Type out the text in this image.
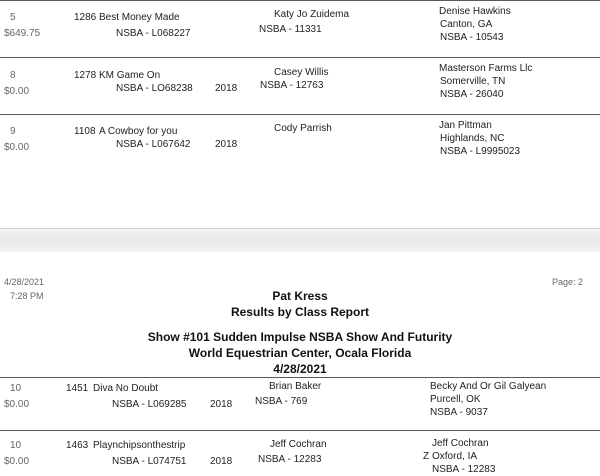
5
$649.75
1286 Best Money Made
NSBA - L068227
Katy Jo Zuidema
NSBA - 11331
Denise Hawkins
Canton, GA
NSBA - 10543
8
$0.00
1278 KM Game On
NSBA - LO68238 2018
Casey Willis
NSBA - 12763
Masterson Farms Llc
Somerville, TN
NSBA - 26040
9
$0.00
1108 A Cowboy for you
NSBA - L067642 2018
Cody Parrish	Jan Pittman
Highlands, NC
NSBA - L9995023
4/28/2021
7:28 PM
Page: 2
Pat Kress
Results by Class Report
Show #101 Sudden Impulse NSBA Show And Futurity
World Equestrian Center, Ocala Florida
4/28/2021
10
$0.00
1451 Diva No Doubt
NSBA - L069285 2018
Brian Baker
NSBA - 769
Becky And Or Gil Galyean
Purcell, OK
NSBA - 9037
10
$0.00
1463 Playnchipsonthestrip
NSBA - L074751 2018
Jeff Cochran
NSBA - 12283
Jeff Cochran
Z Oxford, IA
NSBA - 12283
